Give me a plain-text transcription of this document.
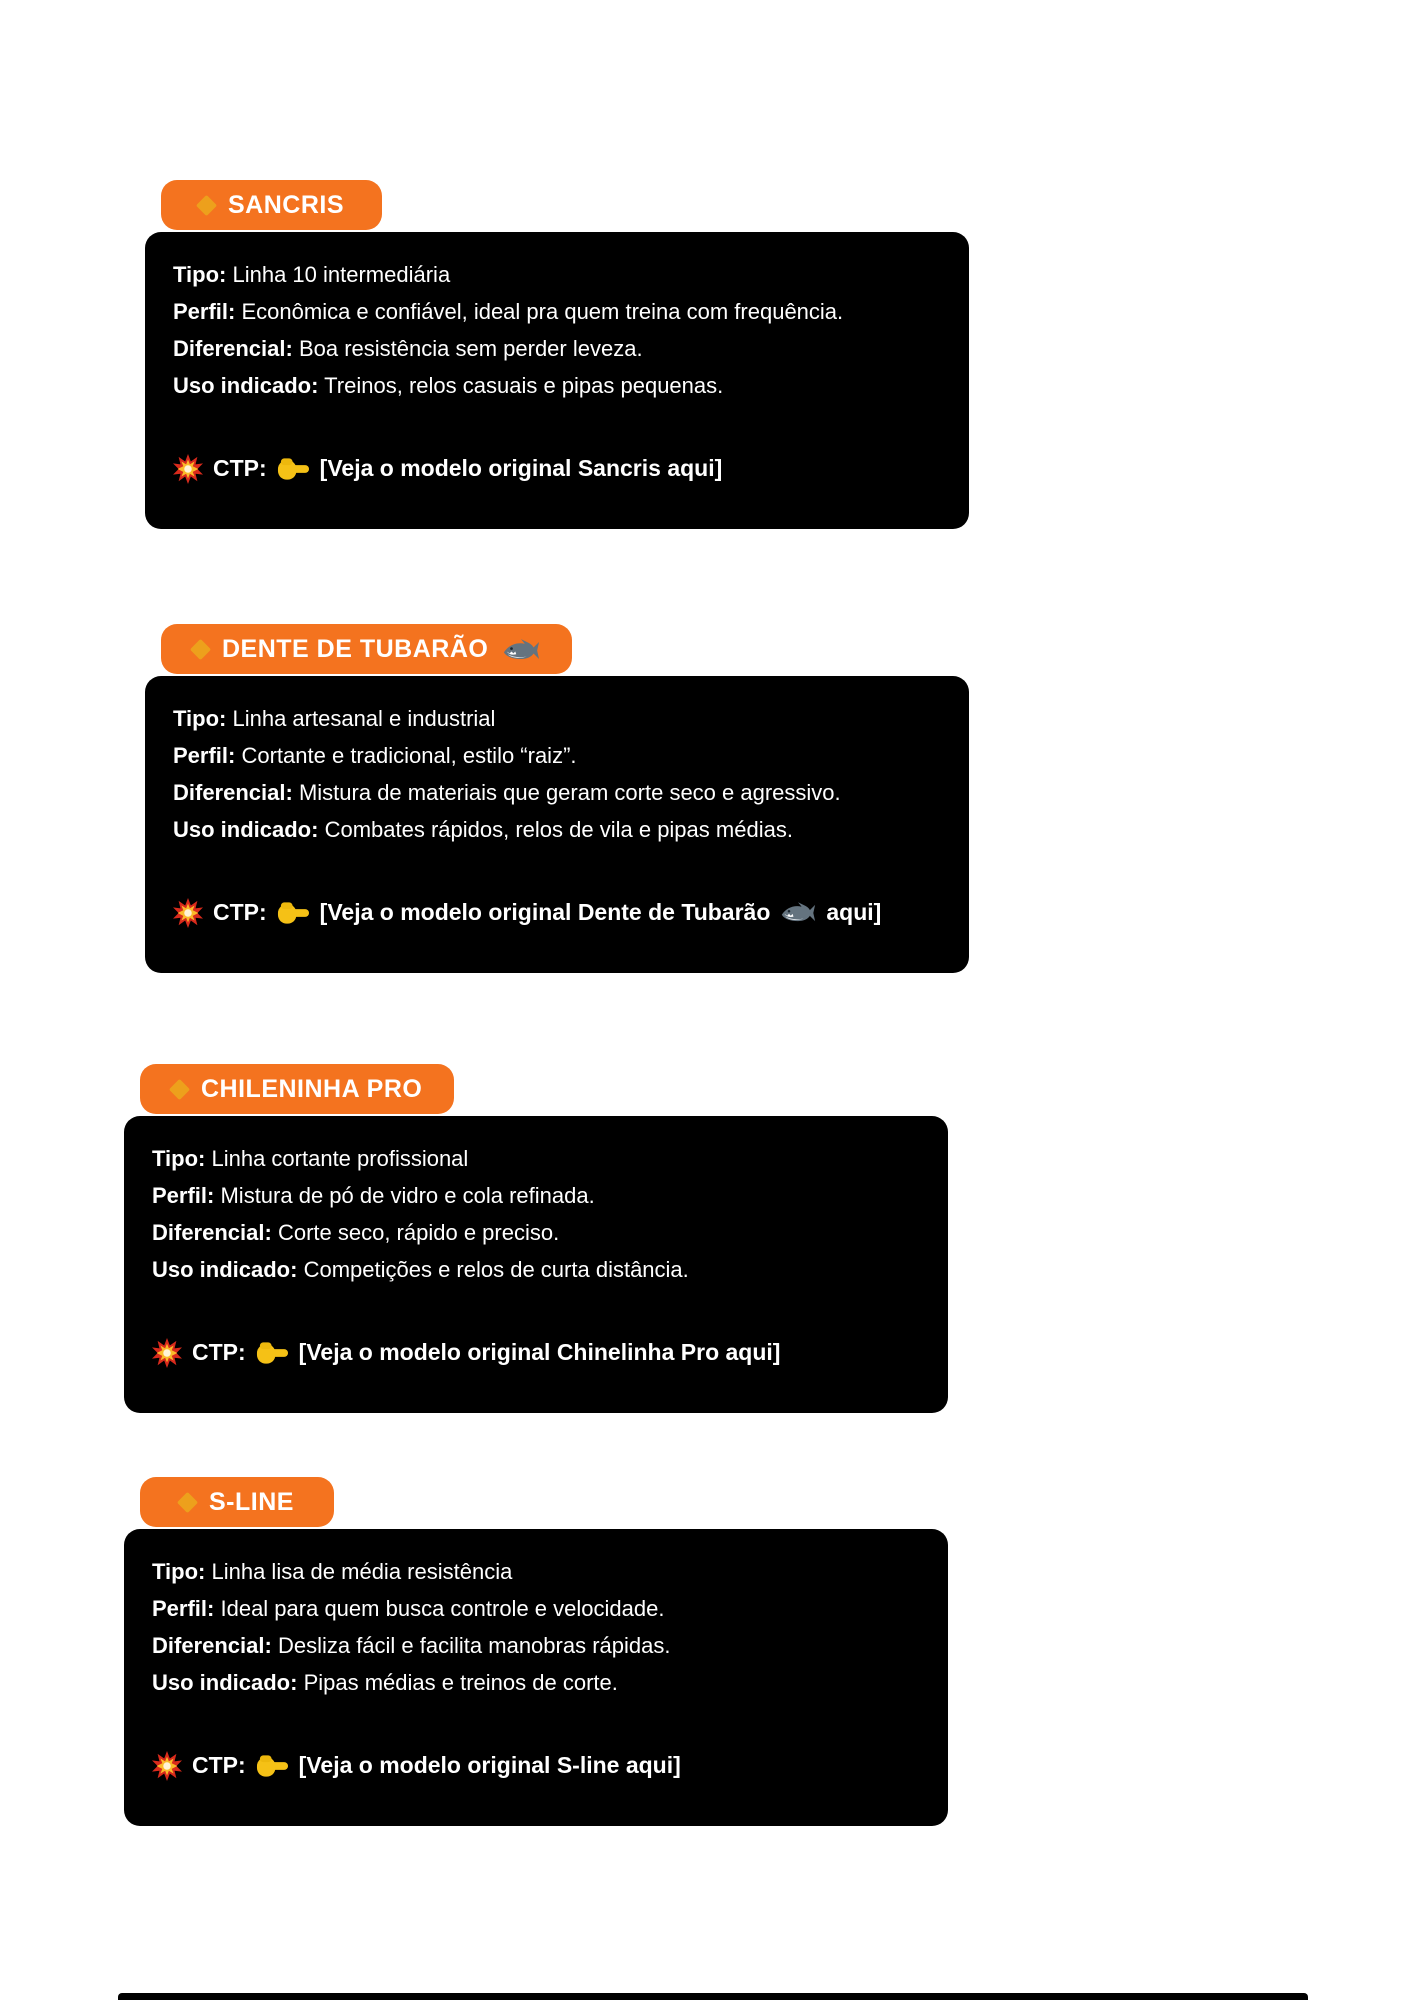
SANCRIS

Tipo: Linha 10 intermediária

Perfil: Econômica e confiável, ideal pra quem treina com frequência.

Diferencial: Boa resistência sem perder leveza.

Uso indicado: Treinos, relos casuais e pipas pequenas.

CTP: [Veja o modelo original Sancris aqui]
DENTE DE TUBARÃO

Tipo: Linha artesanal e industrial

Perfil: Cortante e tradicional, estilo “raiz”.

Diferencial: Mistura de materiais que geram corte seco e agressivo.

Uso indicado: Combates rápidos, relos de vila e pipas médias.

CTP: [Veja o modelo original Dente de Tubarão aqui]
CHILENINHA PRO

Tipo: Linha cortante profissional

Perfil: Mistura de pó de vidro e cola refinada.

Diferencial: Corte seco, rápido e preciso.

Uso indicado: Competições e relos de curta distância.

CTP: [Veja o modelo original Chinelinha Pro aqui]
S-LINE

Tipo: Linha lisa de média resistência

Perfil: Ideal para quem busca controle e velocidade.

Diferencial: Desliza fácil e facilita manobras rápidas.

Uso indicado: Pipas médias e treinos de corte.

CTP: [Veja o modelo original S-line aqui]
